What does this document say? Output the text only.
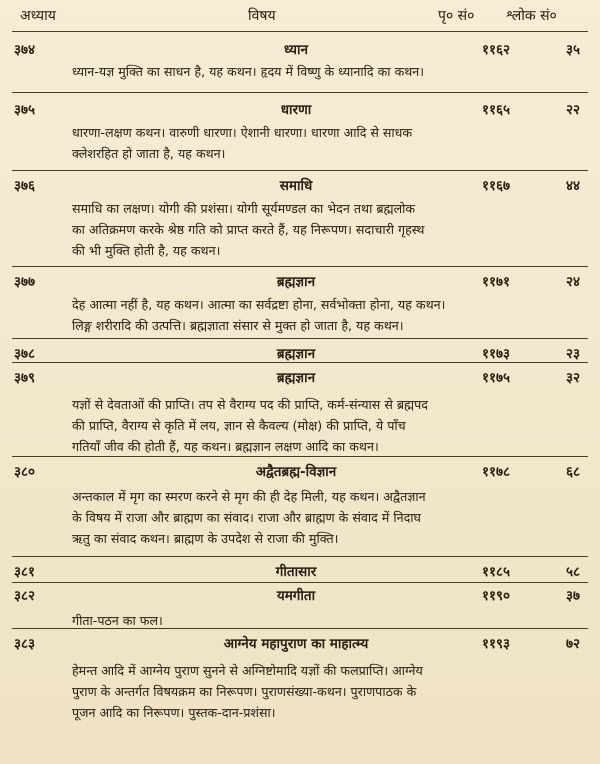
अध्याय	विषय	पृ० सं० श्लोक सं०
३७४	ध्यान	११६२	३५
ध्यान-यज्ञ मुक्ति का साधन है, यह कथन। हृदय में विष्णु के ध्यानादि का कथन।
३७५	धारणा	११६५	२२
धारणा-लक्षण कथन। वारुणी धारणा। ऐशानी धारणा। धारणा आदि से साधक
क्लेशरहित हो जाता है, यह कथन।
३७६	समाधि	११६७	४४
समाधि का लक्षण। योगी की प्रशंसा। योगी सूर्यमण्डल का भेदन तथा ब्रह्मलोक
का अतिक्रमण करके श्रेष्ठ गति को प्राप्त करते हैं, यह निरूपण। सदाचारी गृहस्थ
की भी मुक्ति होती है, यह कथन।
३७७	ब्रह्मज्ञान	११७१	२४
देह आत्मा नहीं है, यह कथन। आत्मा का सर्वद्रष्टा होना, सर्वभोक्ता होना, यह कथन।
लिङ्ग शरीरादि की उत्पत्ति। ब्रह्मज्ञाता संसार से मुक्त हो जाता है, यह कथन।
३७८	ब्रह्मज्ञान	११७३	२३
३७९	ब्रह्मज्ञान	११७५	३२
यज्ञों से देवताओं की प्राप्ति। तप से वैराग्य पद की प्राप्ति, कर्म-संन्यास से ब्रह्मपद
की प्राप्ति, वैराग्य से कृति में लय, ज्ञान से कैवल्य (मोक्ष) की प्राप्ति, ये पाँच
गतियाँ जीव की होती हैं, यह कथन। ब्रह्मज्ञान लक्षण आदि का कथन।
३८०	अद्वैतब्रह्म-विज्ञान	११७८	६८
अन्तकाल में मृग का स्मरण करने से मृग की ही देह मिली, यह कथन। अद्वैतज्ञान
के विषय में राजा और ब्राह्मण का संवाद। राजा और ब्राह्मण के संवाद में निदाघ
ऋतु का संवाद कथन। ब्राह्मण के उपदेश से राजा की मुक्ति।
३८१	गीतासार	११८५	५८
३८२	यमगीता	११९०	३७
गीता-पठन का फल।
३८३	आग्नेय महापुराण का माहात्म्य	११९३	७२
हेमन्त आदि में आग्नेय पुराण सुनने से अग्निष्टोमादि यज्ञों की फलप्राप्ति। आग्नेय
पुराण के अन्तर्गत विषयक्रम का निरूपण। पुराणसंख्या-कथन। पुराणपाठक के
पूजन आदि का निरूपण। पुस्तक-दान-प्रशंसा।
